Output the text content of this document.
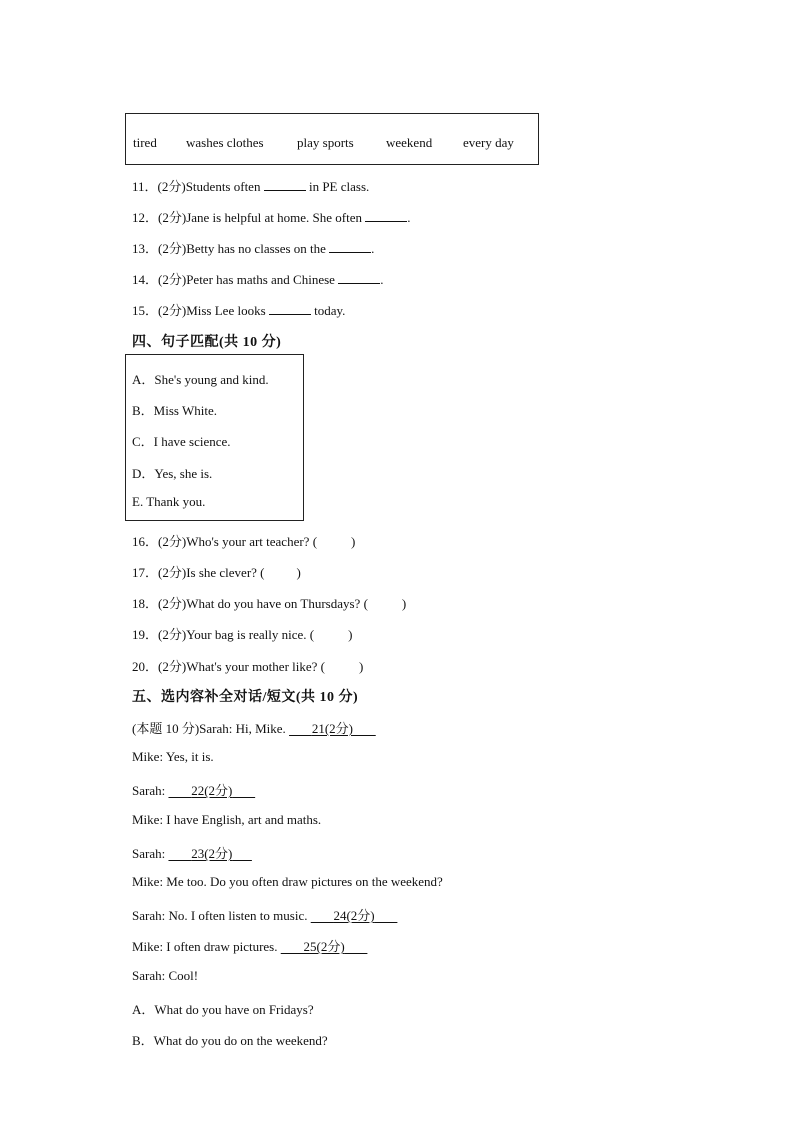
tired washes clothes	play sports weekend every day
11．(2分)Students often	in PE class.
12．(2分)Jane is helpful at home. She often	.
13．(2分)Betty has no classes on the	.
14．(2分)Peter has maths and Chinese	.
15．(2分)Miss Lee looks	today.
四、句子匹配(共 10 分)
A．She's young and kind.
B．Miss White.
C．I have science.
D．Yes, she is.
E. Thank you.
16．(2分)Who's your art teacher? (	)
17．(2分)Is she clever? ( )
18．(2分)What do you have on Thursdays? (	)
19．(2分)Your bag is really nice. (	)
20．(2分)What's your mother like? (	)
五、选内容补全对话/短文(共 10 分)
(本题 10 分)Sarah: Hi, Mike.        21(2分)
Mike: Yes, it is.
Sarah:        22(2分)
Mike: I have English, art and maths.
Sarah:        23(2分)
Mike: Me too. Do you often draw pictures on the weekend?
Sarah: No. I often listen to music.        24(2分)
Mike: I often draw pictures.        25(2分)
Sarah: Cool!
A．What do you have on Fridays?
B．What do you do on the weekend?
